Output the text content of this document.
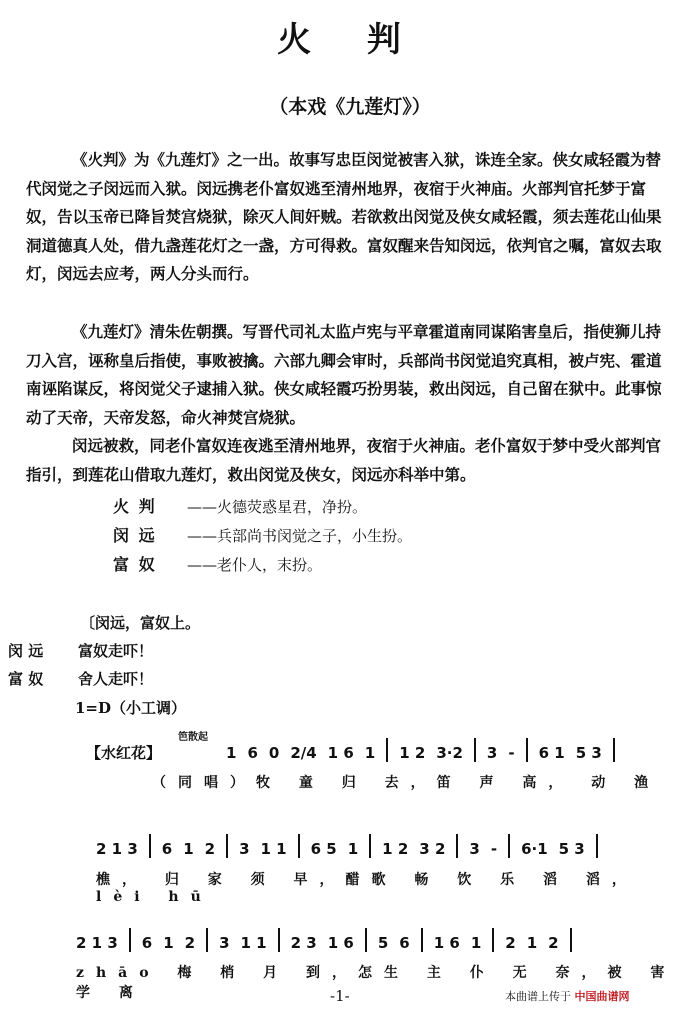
火 判
（本戏《九莲灯》）
《火判》为《九莲灯》之一出。故事写忠臣闵觉被害入狱，诛连全家。侠女咸轻霞为替代闵觉之子闵远而入狱。闵远携老仆富奴逃至清州地界，夜宿于火神庙。火部判官托梦于富奴，告以玉帝已降旨焚宫烧狱，除灭人间奸贼。若欲救出闵觉及侠女咸轻霞，须去莲花山仙果洞道德真人处，借九盏莲花灯之一盏，方可得救。富奴醒来告知闵远，依判官之嘱，富奴去取灯，闵远去应考，两人分头而行。
《九莲灯》清朱佐朝撰。写晋代司礼太监卢宪与平章霍道南同谋陷害皇后，指使狮儿持刀入宫，诬称皇后指使，事败被擒。六部九卿会审时，兵部尚书闵觉追究真相，被卢宪、霍道南诬陷谋反，将闵觉父子逮捕入狱。侠女咸轻霞巧扮男装，救出闵远，自己留在狱中。此事惊动了天帝，天帝发怒，命火神焚宫烧狱。
闵远被救，同老仆富奴连夜逃至清州地界，夜宿于火神庙。老仆富奴于梦中受火部判官指引，到莲花山借取九莲灯，救出闵觉及侠女，闵远亦科举中第。
火 判	——火德荧惑星君，净扮。
闵 远	——兵部尚书闵觉之子，小生扮。
富 奴	——老仆人，末扮。
〔闵远，富奴上。
闵 远 富奴走吓！
富 奴 舍人走吓！
1=D（小工调）
【水红花】
笆散起
1 6 0 2/4 1 6 1 1 2 3·2 3 - 6 1 5 3
（同唱）牧 童 归 去，笛 声 高， 动 渔
2 1 3 6 1 2 3 1 1 6 5 1 1 2 3 2 3 - 6·1 5 3
樵， 归 家 须 早，醋歌 畅 饮 乐 滔 滔， lèi hū
2 1 3 6 1 2 3 1 1 2 3 1 6 5 6 1 6 1 2 1 2
zhāo 梅 梢 月 到，怎生 主 仆 无 奈，被 害 学 离	-1-	本曲谱上传于 中国曲谱网
